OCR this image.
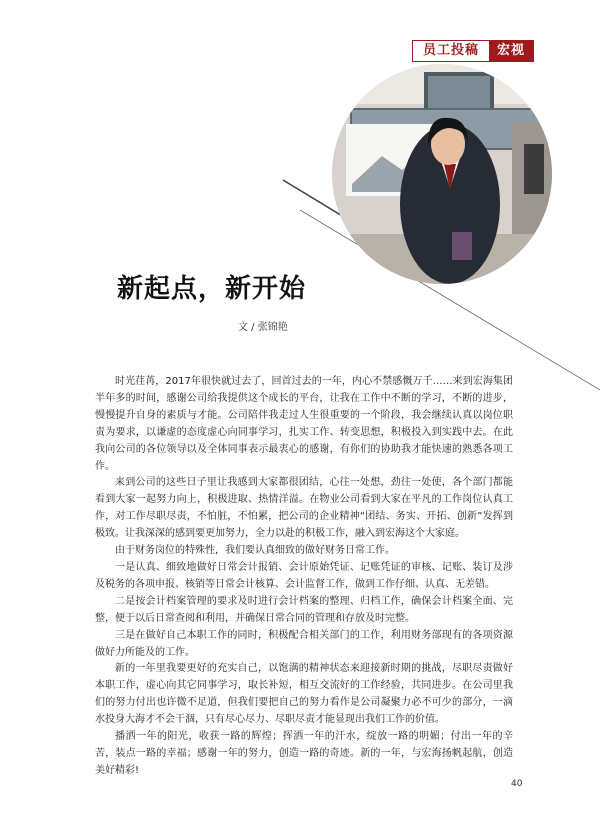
员工投稿	宏视
新起点，新开始
文 / 张锦艳

时光荏苒，2017年很快就过去了，回首过去的一年，内心不禁感慨万千……来到宏海集团半年多的时间，感谢公司给我提供这个成长的平台，让我在工作中不断的学习，不断的进步，慢慢提升自身的素质与才能。公司陪伴我走过人生很重要的一个阶段，我会继续认真以岗位职责为要求，以谦虚的态度虚心向同事学习，扎实工作、转变思想，积极投入到实践中去。在此我向公司的各位领导以及全体同事表示最衷心的感谢，有你们的协助我才能快速的熟悉各项工作。

来到公司的这些日子里让我感到大家都很团结，心往一处想，劲往一处使，各个部门都能看到大家一起努力向上，积极进取、热情洋溢。在物业公司看到大家在平凡的工作岗位认真工作，对工作尽职尽责，不怕脏，不怕累，把公司的企业精神“团结、务实、开拓、创新”发挥到极致。让我深深的感到要更加努力，全力以赴的积极工作，融入到宏海这个大家庭。

由于财务岗位的特殊性，我们要认真细致的做好财务日常工作。

一是认真、细致地做好日常会计报销、会计原始凭证、记账凭证的审核、记账、装订及涉及税务的各项申报、核销等日常会计核算、会计监督工作，做到工作仔细、认真、无差错。

二是按会计档案管理的要求及时进行会计档案的整理、归档工作，确保会计档案全面、完整，便于以后日常查阅和利用，并确保日常合同的管理和存放及时完整。

三是在做好自己本职工作的同时，积极配合相关部门的工作，利用财务部现有的各项资源做好力所能及的工作。

新的一年里我要更好的充实自己，以饱满的精神状态来迎接新时期的挑战，尽职尽责做好本职工作，虚心向其它同事学习，取长补短，相互交流好的工作经验，共同进步。在公司里我们的努力付出也许微不足道，但我们要把自己的努力看作是公司凝聚力必不可少的部分，一滴水投身大海才不会干涸，只有尽心尽力、尽职尽责才能显现出我们工作的价值。

播洒一年的阳光，收获一路的辉煌；挥洒一年的汗水，绽放一路的明媚；付出一年的辛苦，装点一路的幸福；感谢一年的努力，创造一路的奇迹。新的一年，与宏海扬帆起航，创造美好精彩!

40
